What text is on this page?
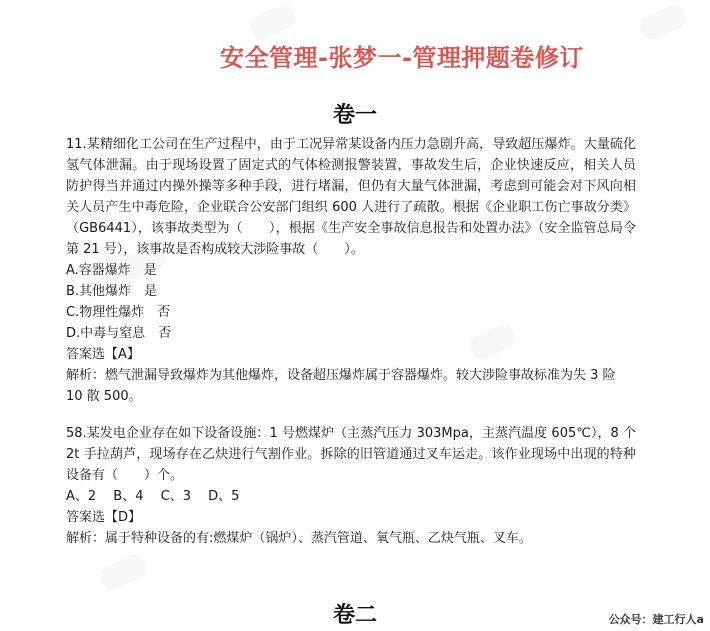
安全管理-张梦一-管理押题卷修订
卷一

11.某精细化工公司在生产过程中，由于工况异常某设备内压力急剧升高，导致超压爆炸。大量硫化氢气体泄漏。由于现场设置了固定式的气体检测报警装置，事故发生后，企业快速反应，相关人员防护得当并通过内操外操等多种手段，进行堵漏，但仍有大量气体泄漏，考虑到可能会对下风向相关人员产生中毒危险，企业联合公安部门组织 600 人进行了疏散。根据《企业职工伤亡事故分类》（GB6441），该事故类型为（　　），根据《生产安全事故信息报告和处置办法》（安全监管总局令第 21 号），该事故是否构成较大涉险事故（　　）。

A.容器爆炸　是

B.其他爆炸　是

C.物理性爆炸　否

D.中毒与窒息　否

答案选【A】

解析：燃气泄漏导致爆炸为其他爆炸，设备超压爆炸属于容器爆炸。较大涉险事故标准为失 3 险 10 散 500。

58.某发电企业存在如下设备设施：1 号燃煤炉（主蒸汽压力 303Mpa，主蒸汽温度 605℃），8 个 2t 手拉葫芦，现场存在乙炔进行气割作业。拆除的旧管道通过叉车运走。该作业现场中出现的特种设备有（　　）个。

A、2　 B、4　 C、3　 D、5

答案选【D】

解析：属于特种设备的有:燃煤炉（锅炉）、蒸汽管道、氧气瓶、乙炔气瓶、叉车。

卷二	公众号：建工行人a
